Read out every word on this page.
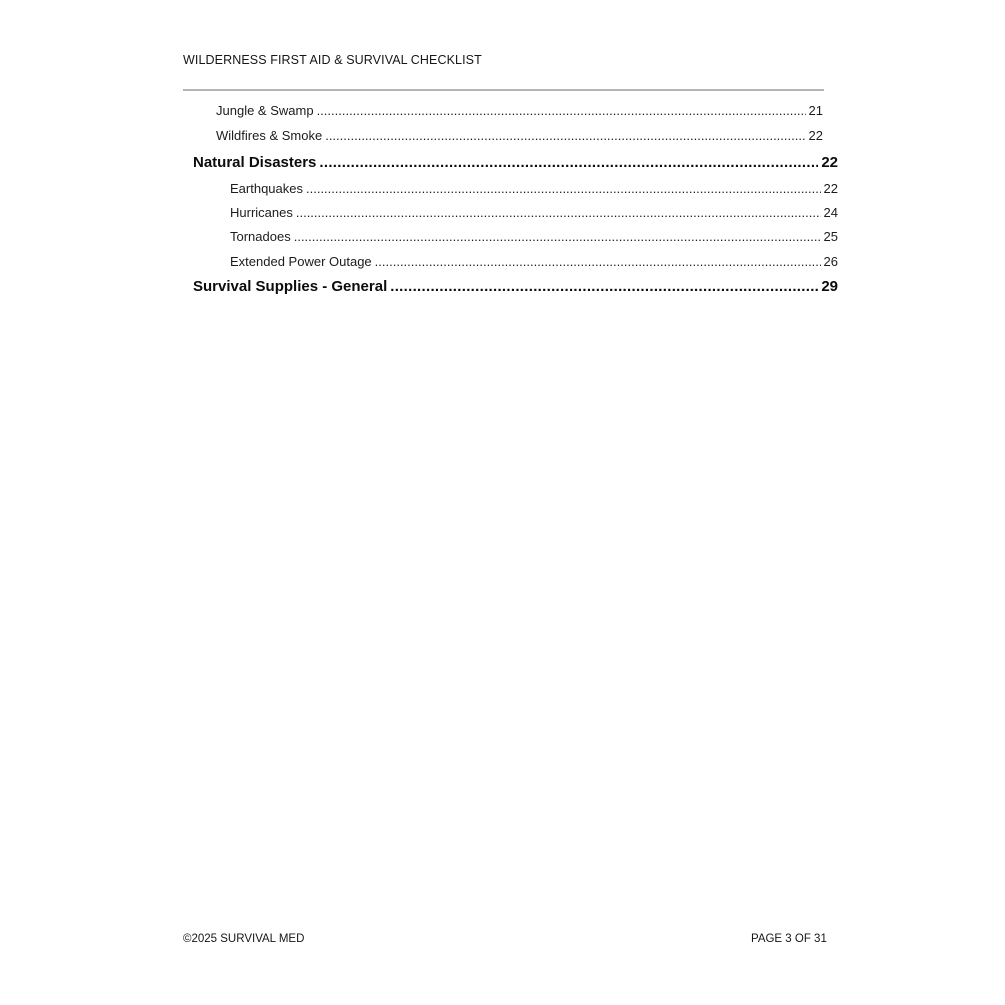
WILDERNESS FIRST AID & SURVIVAL CHECKLIST
Jungle & Swamp .....	21
Wildfires & Smoke .....	22
Natural Disasters .....	22
Earthquakes .....	22
Hurricanes .....	24
Tornadoes .....	25
Extended Power Outage .....	26
Survival Supplies - General .....	29
©2025 SURVIVAL MED	PAGE 3 OF 31
